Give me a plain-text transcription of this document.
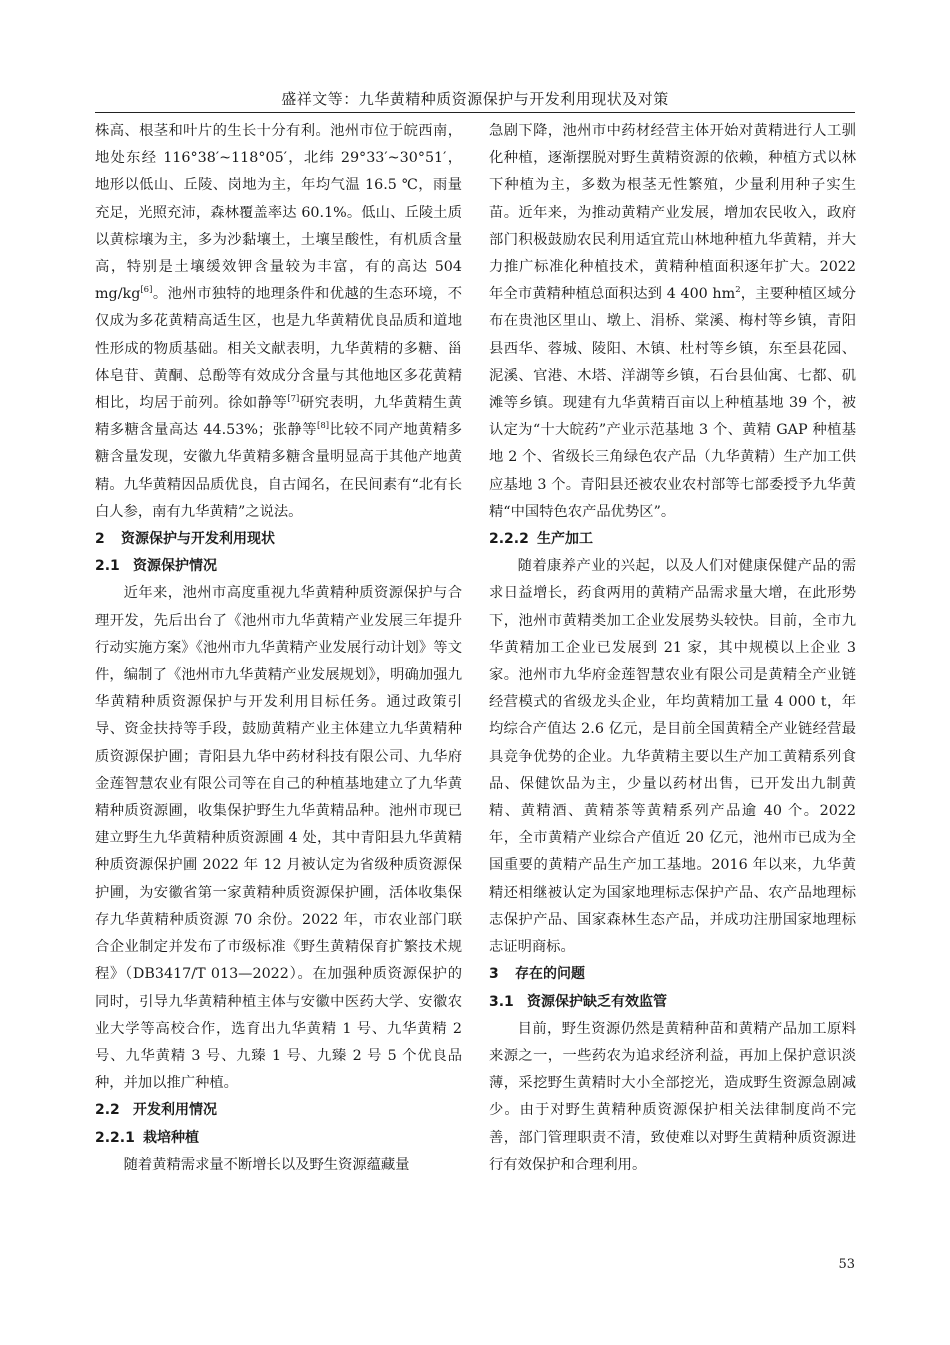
盛祥文等：九华黄精种质资源保护与开发利用现状及对策

株高、根茎和叶片的生长十分有利。池州市位于皖西南，地处东经 116°38′~118°05′，北纬 29°33′~30°51′，地形以低山、丘陵、岗地为主，年均气温 16.5 ℃，雨量充足，光照充沛，森林覆盖率达 60.1%。低山、丘陵土质以黄棕壤为主，多为沙黏壤土，土壤呈酸性，有机质含量高，特别是土壤缓效钾含量较为丰富，有的高达 504 mg/kg[6]。池州市独特的地理条件和优越的生态环境，不仅成为多花黄精高适生区，也是九华黄精优良品质和道地性形成的物质基础。相关文献表明，九华黄精的多糖、甾体皂苷、黄酮、总酚等有效成分含量与其他地区多花黄精相比，均居于前列。徐如静等[7]研究表明，九华黄精生黄精多糖含量高达 44.53%；张静等[8]比较不同产地黄精多糖含量发现，安徽九华黄精多糖含量明显高于其他产地黄精。九华黄精因品质优良，自古闻名，在民间素有“北有长白人参，南有九华黄精”之说法。

2 资源保护与开发利用现状
2.1 资源保护情况

近年来，池州市高度重视九华黄精种质资源保护与合理开发，先后出台了《池州市九华黄精产业发展三年提升行动实施方案》《池州市九华黄精产业发展行动计划》等文件，编制了《池州市九华黄精产业发展规划》，明确加强九华黄精种质资源保护与开发利用目标任务。通过政策引导、资金扶持等手段，鼓励黄精产业主体建立九华黄精种质资源保护圃；青阳县九华中药材科技有限公司、九华府金莲智慧农业有限公司等在自己的种植基地建立了九华黄精种质资源圃，收集保护野生九华黄精品种。池州市现已建立野生九华黄精种质资源圃 4 处，其中青阳县九华黄精种质资源保护圃 2022 年 12 月被认定为省级种质资源保护圃，为安徽省第一家黄精种质资源保护圃，活体收集保存九华黄精种质资源 70 余份。2022 年，市农业部门联合企业制定并发布了市级标准《野生黄精保育扩繁技术规程》（DB3417/T 013—2022）。在加强种质资源保护的同时，引导九华黄精种植主体与安徽中医药大学、安徽农业大学等高校合作，选育出九华黄精 1 号、九华黄精 2 号、九华黄精 3 号、九臻 1 号、九臻 2 号 5 个优良品种，并加以推广种植。

2.2 开发利用情况
2.2.1 栽培种植

随着黄精需求量不断增长以及野生资源蕴藏量

急剧下降，池州市中药材经营主体开始对黄精进行人工驯化种植，逐渐摆脱对野生黄精资源的依赖，种植方式以林下种植为主，多数为根茎无性繁殖，少量利用种子实生苗。近年来，为推动黄精产业发展，增加农民收入，政府部门积极鼓励农民利用适宜荒山林地种植九华黄精，并大力推广标准化种植技术，黄精种植面积逐年扩大。2022 年全市黄精种植总面积达到 4 400 $hm^2$，主要种植区域分布在贵池区里山、墩上、涓桥、棠溪、梅村等乡镇，青阳县西华、蓉城、陵阳、木镇、杜村等乡镇，东至县花园、泥溪、官港、木塔、洋湖等乡镇，石台县仙寓、七都、矶滩等乡镇。现建有九华黄精百亩以上种植基地 39 个，被认定为“十大皖药”产业示范基地 3 个、黄精 GAP 种植基地 2 个、省级长三角绿色农产品（九华黄精）生产加工供应基地 3 个。青阳县还被农业农村部等七部委授予九华黄精“中国特色农产品优势区”。

2.2.2 生产加工

随着康养产业的兴起，以及人们对健康保健产品的需求日益增长，药食两用的黄精产品需求量大增，在此形势下，池州市黄精类加工企业发展势头较快。目前，全市九华黄精加工企业已发展到 21 家，其中规模以上企业 3 家。池州市九华府金莲智慧农业有限公司是黄精全产业链经营模式的省级龙头企业，年均黄精加工量 4 000 t，年均综合产值达 2.6 亿元，是目前全国黄精全产业链经营最具竞争优势的企业。九华黄精主要以生产加工黄精系列食品、保健饮品为主，少量以药材出售，已开发出九制黄精、黄精酒、黄精茶等黄精系列产品逾 40 个。2022 年，全市黄精产业综合产值近 20 亿元，池州市已成为全国重要的黄精产品生产加工基地。2016 年以来，九华黄精还相继被认定为国家地理标志保护产品、农产品地理标志保护产品、国家森林生态产品，并成功注册国家地理标志证明商标。

3 存在的问题
3.1 资源保护缺乏有效监管

目前，野生资源仍然是黄精种苗和黄精产品加工原料来源之一，一些药农为追求经济利益，再加上保护意识淡薄，采挖野生黄精时大小全部挖光，造成野生资源急剧减少。由于对野生黄精种质资源保护相关法律制度尚不完善，部门管理职责不清，致使难以对野生黄精种质资源进行有效保护和合理利用。

53
